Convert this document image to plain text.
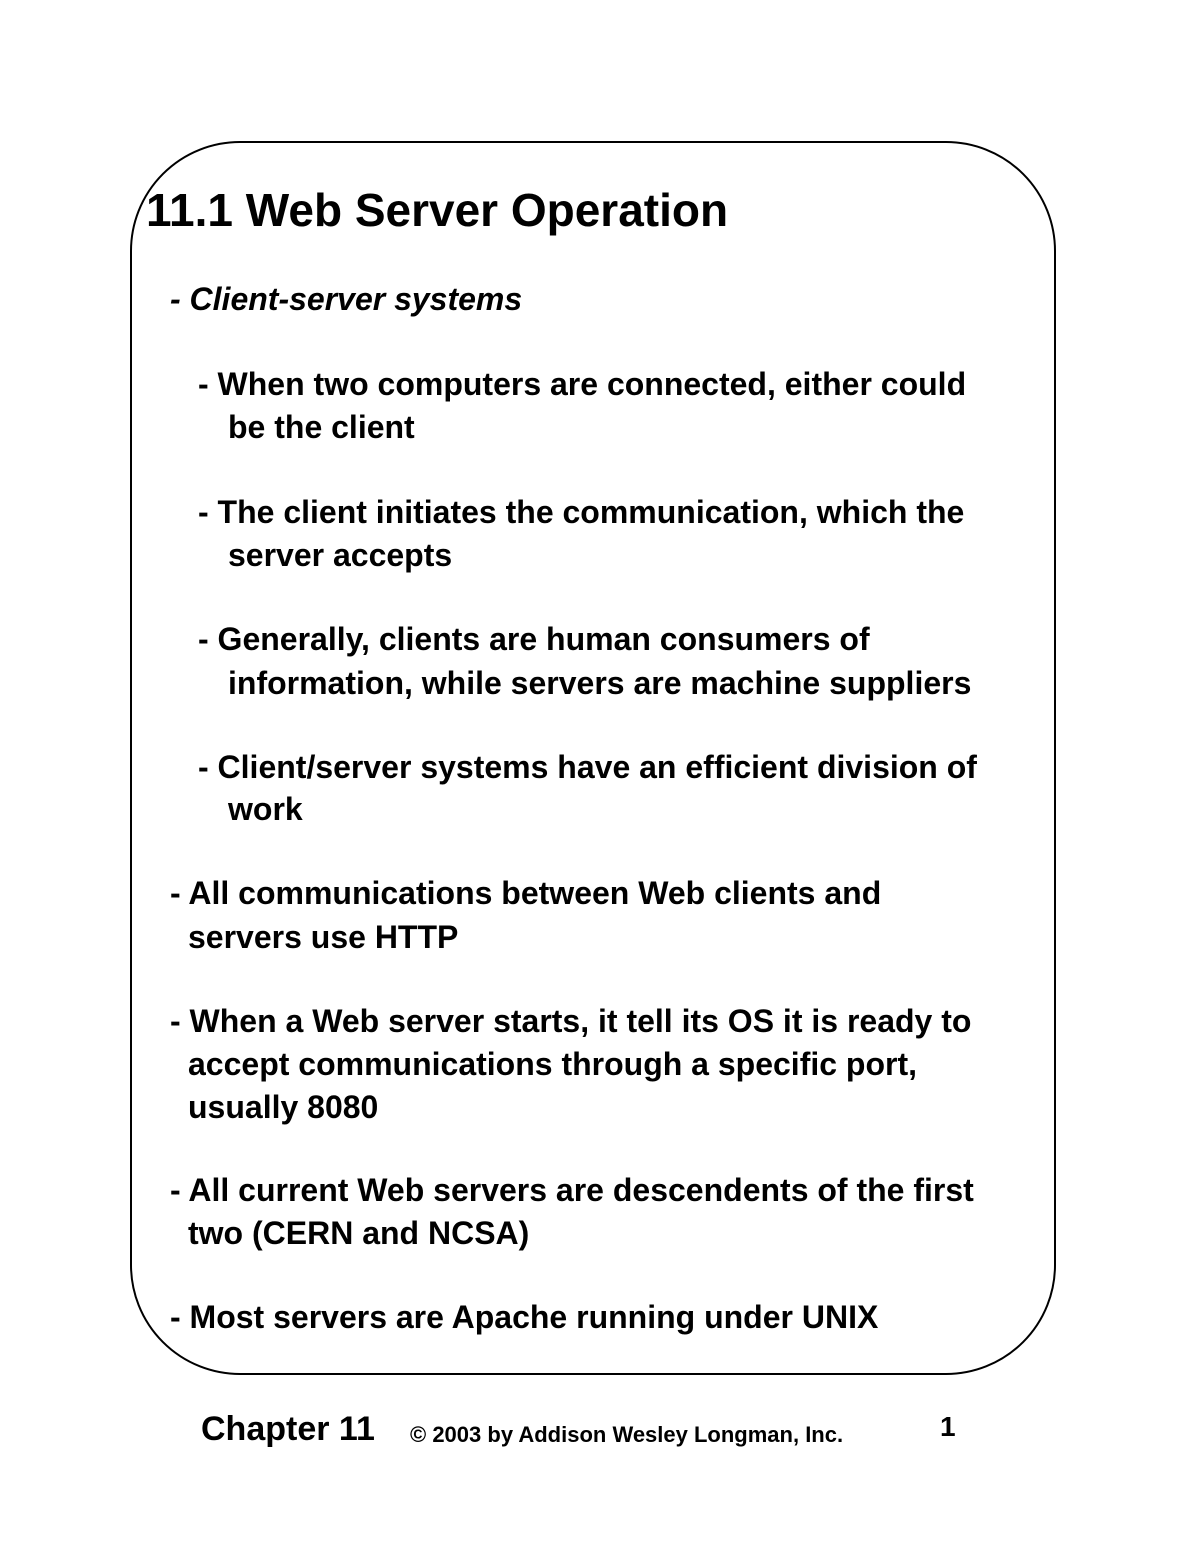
11.1 Web Server Operation

- Client-server systems

- When two computers are connected, either could

be the client

- The client initiates the communication, which the

server accepts

- Generally, clients are human consumers of

information, while servers are machine suppliers

- Client/server systems have an efficient division of

work

- All communications between Web clients and

servers use HTTP

- When a Web server starts, it tell its OS it is ready to

accept communications through a specific port,

usually 8080

- All current Web servers are descendents of the first

two (CERN and NCSA)

- Most servers are Apache running under UNIX

Chapter 11 © 2003 by Addison Wesley Longman, Inc.	1
